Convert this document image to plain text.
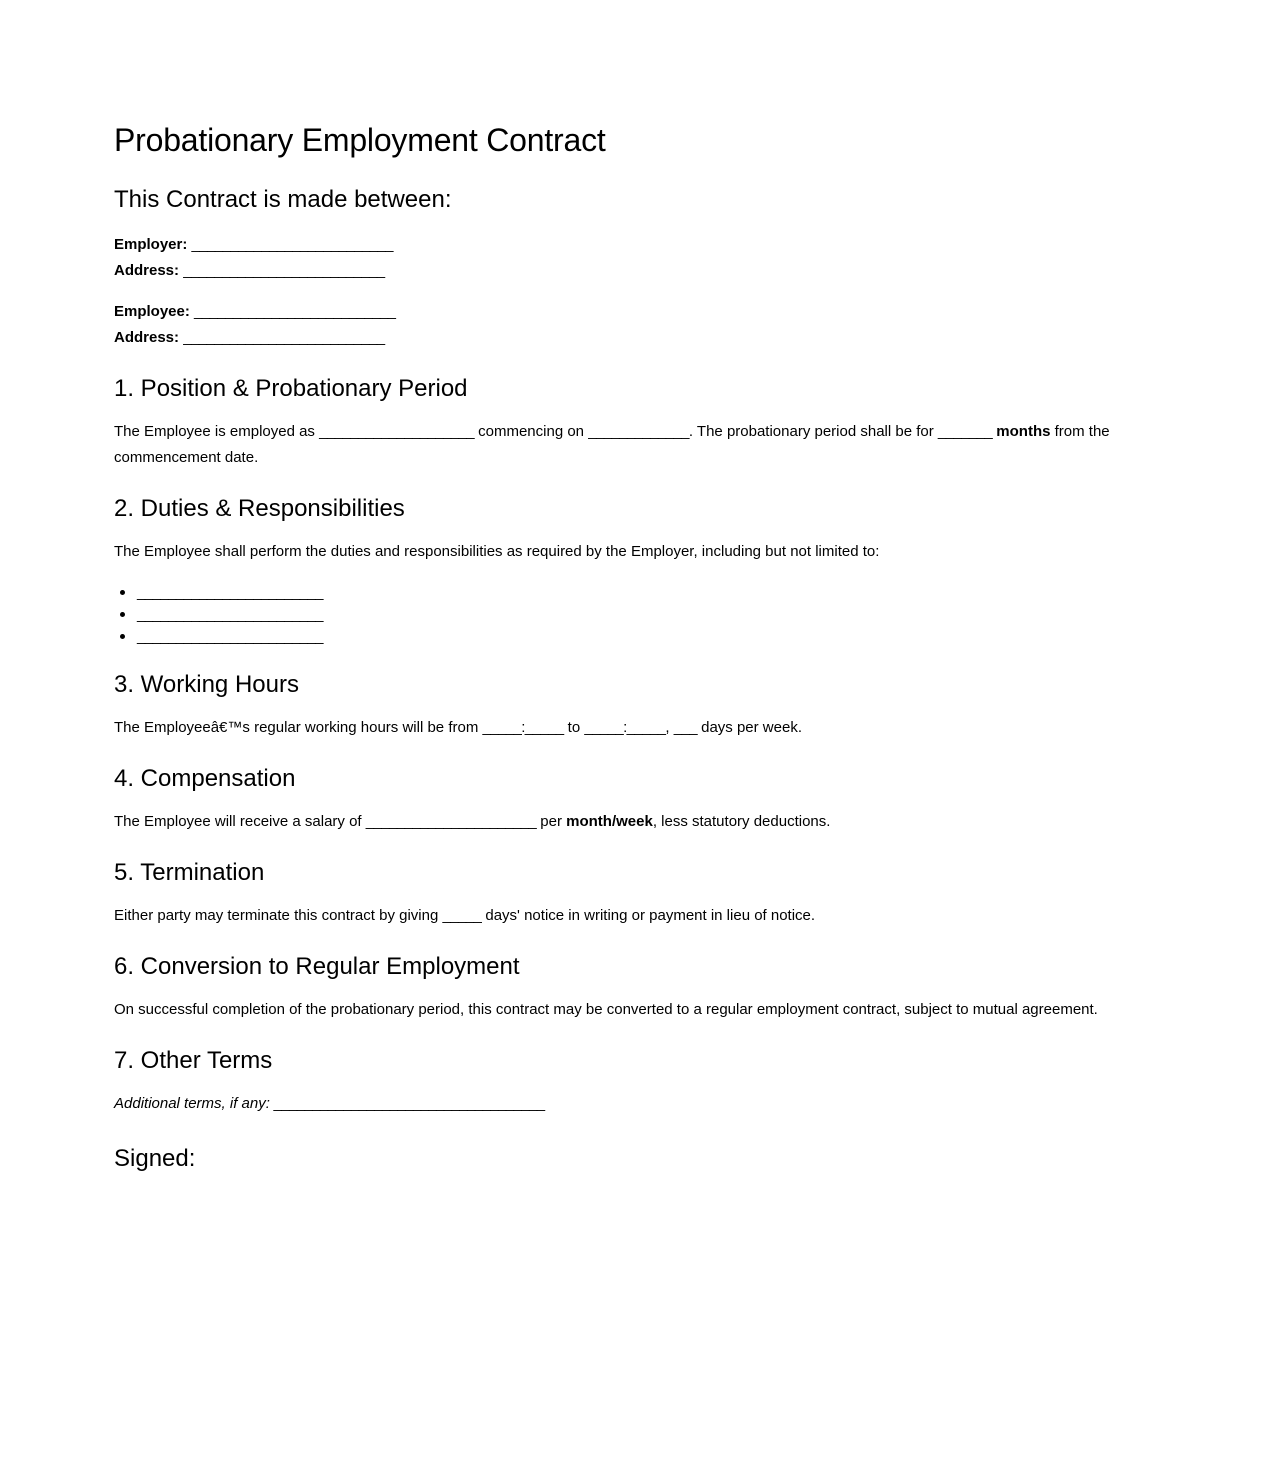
Probationary Employment Contract
This Contract is made between:

Employer: __________________________

Address: __________________________

Employee: __________________________

Address: __________________________

1. Position & Probationary Period

The Employee is employed as ____________________ commencing on _____________. The probationary period shall be for _______ months from the commencement date.

2. Duties & Responsibilities

The Employee shall perform the duties and responsibilities as required by the Employer, including but not limited to:

• ________________________
• ________________________
• ________________________
3. Working Hours

The Employeeâ€™s regular working hours will be from _____:_____ to _____:_____, ___ days per week.

4. Compensation

The Employee will receive a salary of ______________________ per month/week, less statutory deductions.

5. Termination

Either party may terminate this contract by giving _____ days' notice in writing or payment in lieu of notice.

6. Conversion to Regular Employment

On successful completion of the probationary period, this contract may be converted to a regular employment contract, subject to mutual agreement.

7. Other Terms

Additional terms, if any: ___________________________________

Signed:
